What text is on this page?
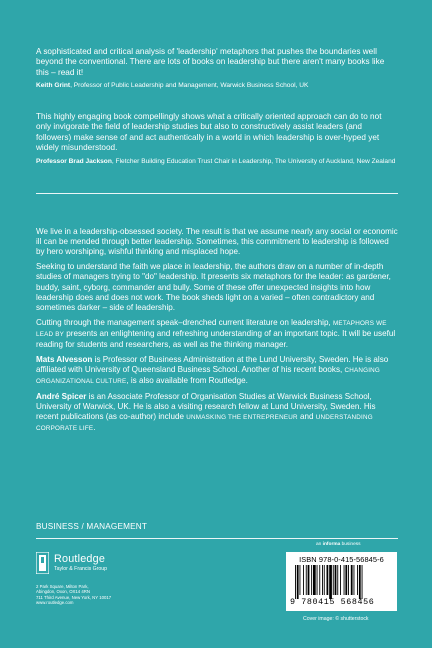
A sophisticated and critical analysis of 'leadership' metaphors that pushes the boundaries well beyond the conventional. There are lots of books on leadership but there aren't many books like this – read it!

Keith Grint, Professor of Public Leadership and Management, Warwick Business School, UK

This highly engaging book compellingly shows what a critically oriented approach can do to not only invigorate the field of leadership studies but also to constructively assist leaders (and followers) make sense of and act authentically in a world in which leadership is over-hyped yet widely misunderstood.

Professor Brad Jackson, Fletcher Building Education Trust Chair in Leadership, The University of Auckland, New Zealand

We live in a leadership-obsessed society. The result is that we assume nearly any social or economic ill can be mended through better leadership. Sometimes, this commitment to leadership is followed by hero worshiping, wishful thinking and misplaced hope.

Seeking to understand the faith we place in leadership, the authors draw on a number of in-depth studies of managers trying to "do" leadership. It presents six metaphors for the leader: as gardener, buddy, saint, cyborg, commander and bully. Some of these offer unexpected insights into how leadership does and does not work. The book sheds light on a varied – often contradictory and sometimes darker – side of leadership.

Cutting through the management speak–drenched current literature on leadership, METAPHORS WE LEAD BY presents an enlightening and refreshing understanding of an important topic. It will be useful reading for students and researchers, as well as the thinking manager.

Mats Alvesson is Professor of Business Administration at the Lund University, Sweden. He is also affiliated with University of Queensland Business School. Another of his recent books, CHANGING ORGANIZATIONAL CULTURE, is also available from Routledge.

André Spicer is an Associate Professor of Organisation Studies at Warwick Business School, University of Warwick, UK. He is also a visiting research fellow at Lund University, Sweden. His recent publications (as co-author) include UNMASKING THE ENTREPRENEUR and UNDERSTANDING CORPORATE LIFE.

BUSINESS / MANAGEMENT
Routledge
Taylor & Francis Group
2 Park Square, Milton Park,
Abingdon, Oxon, OX14 4RN
711 Third Avenue, New York, NY 10017
www.routledge.com
an informa business
ISBN 978-0-415-56845-6
9 780415 568456
Cover image: © shutterstock
